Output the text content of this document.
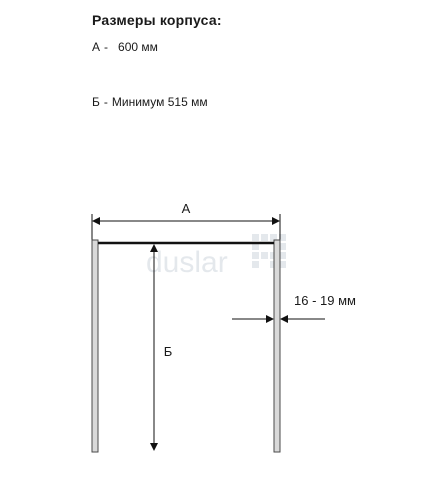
Размеры корпуса:
А - 600 мм
Б - Минимум 515 мм
duslar
А
Б
16 - 19 мм
